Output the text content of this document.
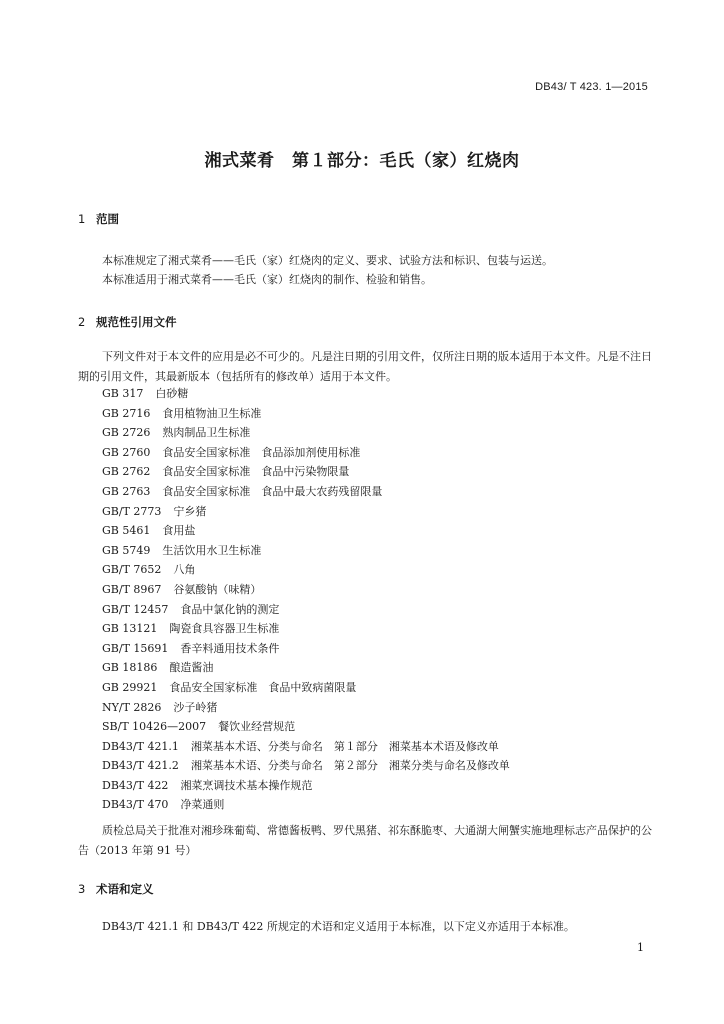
DB43/ T 423. 1—2015
湘式菜肴　第１部分：毛氏（家）红烧肉
1 范围
本标准规定了湘式菜肴——毛氏（家）红烧肉的定义、要求、试验方法和标识、包装与运送。
本标准适用于湘式菜肴——毛氏（家）红烧肉的制作、检验和销售。
2 规范性引用文件
下列文件对于本文件的应用是必不可少的。凡是注日期的引用文件，仅所注日期的版本适用于本文件。凡是不注日期的引用文件，其最新版本（包括所有的修改单）适用于本文件。
GB 317 白砂糖
GB 2716 食用植物油卫生标准
GB 2726 熟肉制品卫生标准
GB 2760 食品安全国家标准　食品添加剂使用标准
GB 2762 食品安全国家标准　食品中污染物限量
GB 2763 食品安全国家标准　食品中最大农药残留限量
GB/T 2773 宁乡猪
GB 5461 食用盐
GB 5749 生活饮用水卫生标准
GB/T 7652 八角
GB/T 8967 谷氨酸钠（味精）
GB/T 12457 食品中氯化钠的测定
GB 13121 陶瓷食具容器卫生标准
GB/T 15691 香辛料通用技术条件
GB 18186 酿造酱油
GB 29921 食品安全国家标准　食品中致病菌限量
NY/T 2826 沙子岭猪
SB/T 10426—2007 餐饮业经营规范
DB43/T 421.1 湘菜基本术语、分类与命名　第１部分　湘菜基本术语及修改单
DB43/T 421.2 湘菜基本术语、分类与命名　第２部分　湘菜分类与命名及修改单
DB43/T 422 湘菜烹调技术基本操作规范
DB43/T 470 净菜通则
质检总局关于批准对湘珍珠葡萄、常德酱板鸭、罗代黑猪、祁东酥脆枣、大通湖大闸蟹实施地理标志产品保护的公告（2013 年第 91 号）
3 术语和定义
DB43/T 421.1 和 DB43/T 422 所规定的术语和定义适用于本标准，以下定义亦适用于本标准。
1
